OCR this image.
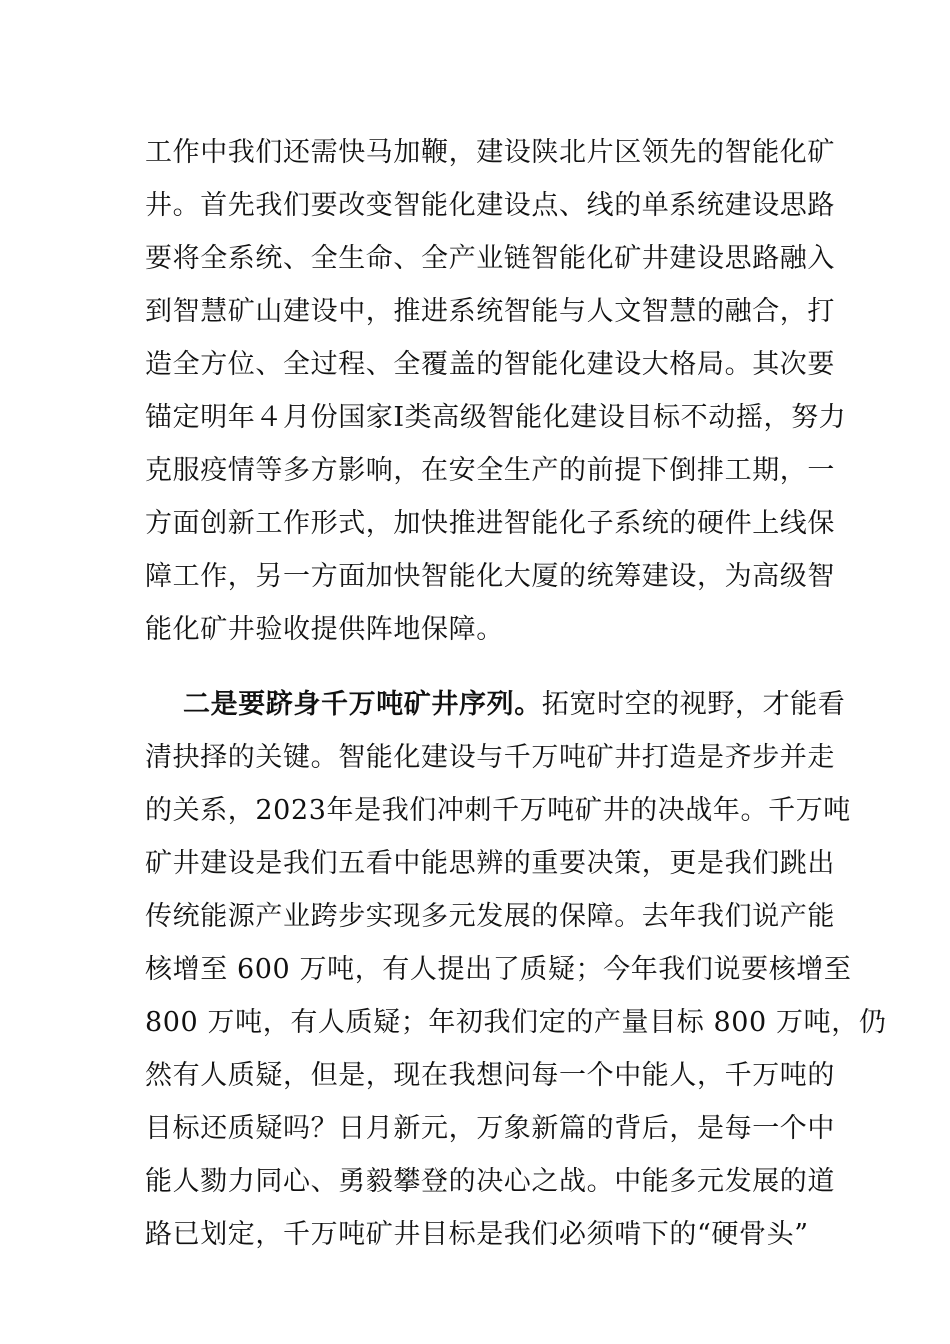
工作中我们还需快马加鞭，建设陕北片区领先的智能化矿
井。首先我们要改变智能化建设点、线的单系统建设思路
要将全系统、全生命、全产业链智能化矿井建设思路融入
到智慧矿山建设中，推进系统智能与人文智慧的融合，打
造全方位、全过程、全覆盖的智能化建设大格局。其次要
锚定明年４月份国家Ⅰ类高级智能化建设目标不动摇，努力
克服疫情等多方影响，在安全生产的前提下倒排工期，一
方面创新工作形式，加快推进智能化子系统的硬件上线保
障工作，另一方面加快智能化大厦的统筹建设，为高级智
能化矿井验收提供阵地保障。
二是要跻身千万吨矿井序列。拓宽时空的视野，才能看
清抉择的关键。智能化建设与千万吨矿井打造是齐步并走
的关系，2023年是我们冲刺千万吨矿井的决战年。千万吨
矿井建设是我们五看中能思辨的重要决策，更是我们跳出
传统能源产业跨步实现多元发展的保障。去年我们说产能
核增至 600 万吨，有人提出了质疑；今年我们说要核增至
800 万吨，有人质疑；年初我们定的产量目标 800 万吨，仍
然有人质疑，但是，现在我想问每一个中能人，千万吨的
目标还质疑吗？日月新元，万象新篇的背后，是每一个中
能人勠力同心、勇毅攀登的决心之战。中能多元发展的道
路已划定，千万吨矿井目标是我们必须啃下的“硬骨头”
